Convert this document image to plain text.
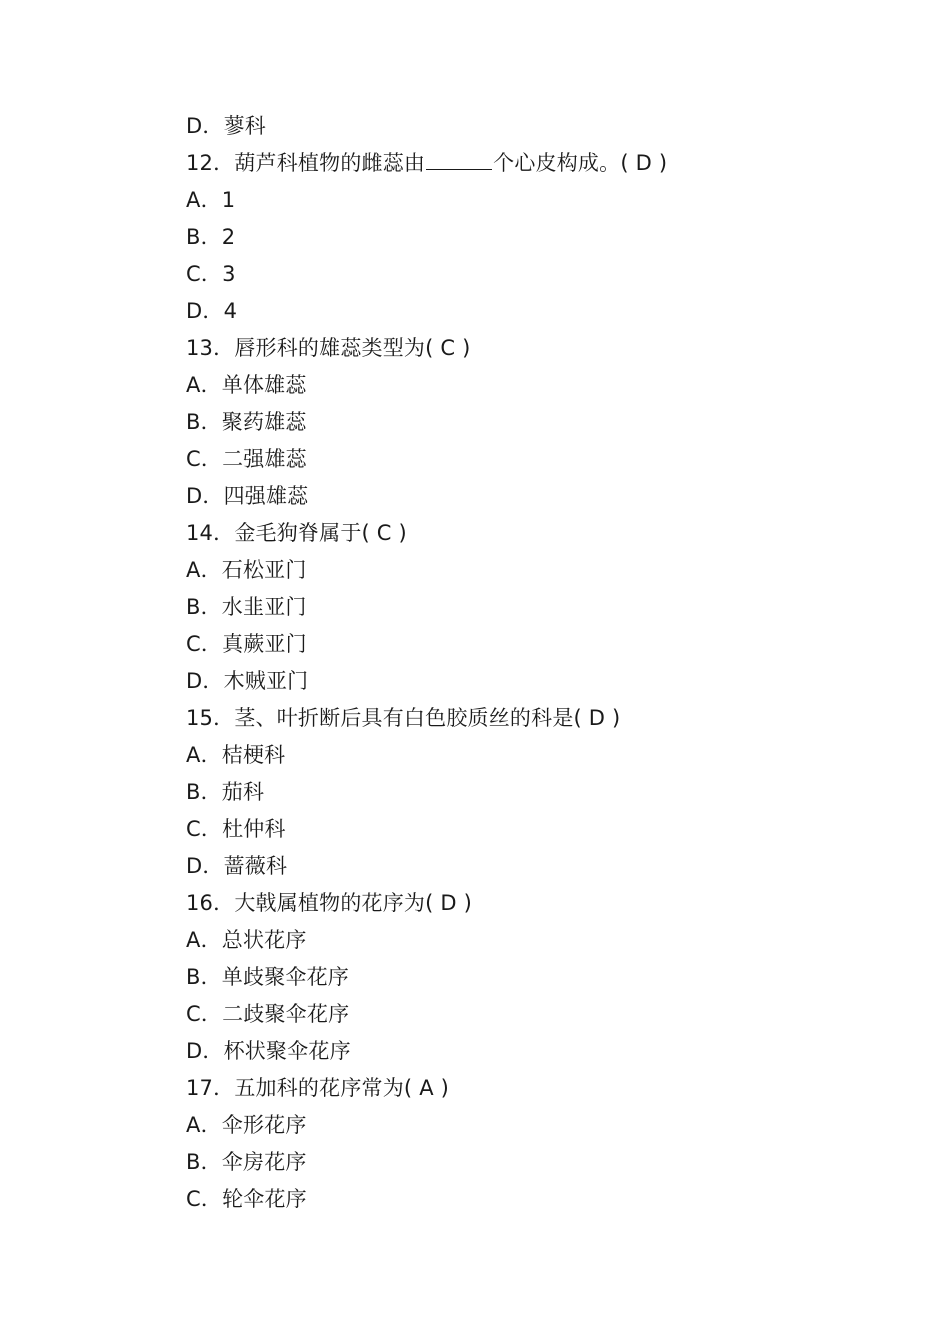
D．蓼科
12．葫芦科植物的雌蕊由	个心皮构成。( D )
A．1
B．2
C．3
D．4
13．唇形科的雄蕊类型为( C )
A．单体雄蕊
B．聚药雄蕊
C．二强雄蕊
D．四强雄蕊
14．金毛狗脊属于( C )
A．石松亚门
B．水韭亚门
C．真蕨亚门
D．木贼亚门
15．茎、叶折断后具有白色胶质丝的科是( D )
A．桔梗科
B．茄科
C．杜仲科
D．蔷薇科
16．大戟属植物的花序为( D )
A．总状花序
B．单歧聚伞花序
C．二歧聚伞花序
D．杯状聚伞花序
17．五加科的花序常为( A )
A．伞形花序
B．伞房花序
C．轮伞花序
